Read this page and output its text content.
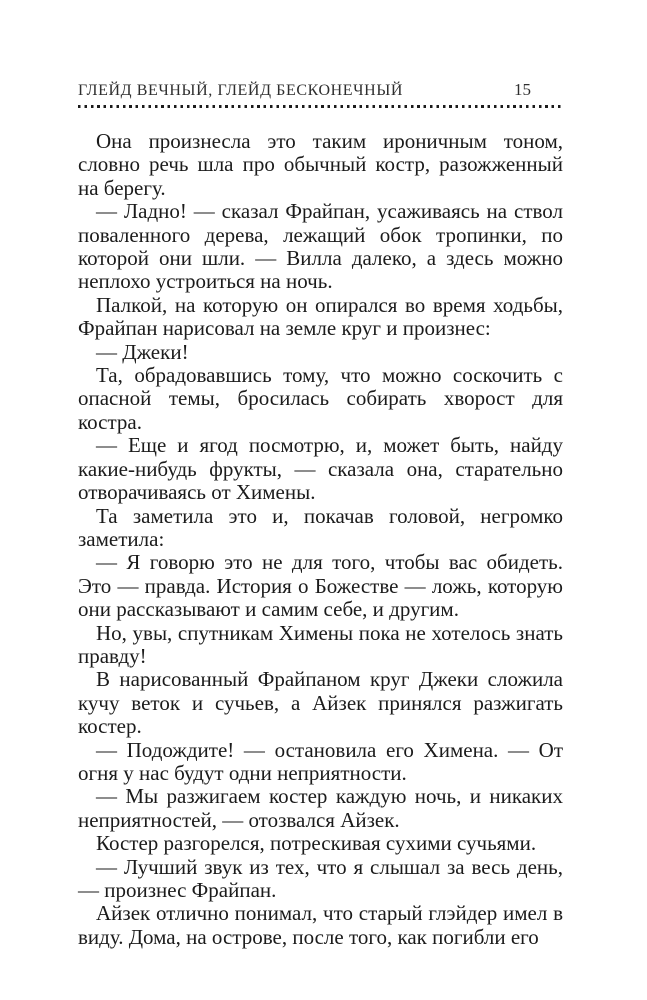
ГЛЕЙД ВЕЧНЫЙ, ГЛЕЙД БЕСКОНЕЧНЫЙ	15

Она произнесла это таким ироничным тоном, словно речь шла про обычный костр, разожженный на берегу.

— Ладно! — сказал Фрайпан, усаживаясь на ствол поваленного дерева, лежащий обок тропинки, по которой они шли. — Вилла далеко, а здесь можно неплохо устроиться на ночь.

Палкой, на которую он опирался во время ходьбы, Фрайпан нарисовал на земле круг и произнес:

— Джеки!

Та, обрадовавшись тому, что можно соскочить с опасной темы, бросилась собирать хворост для костра.

— Еще и ягод посмотрю, и, может быть, найду какие-нибудь фрукты, — сказала она, старательно отворачиваясь от Химены.

Та заметила это и, покачав головой, негромко заметила:

— Я говорю это не для того, чтобы вас обидеть. Это — правда. История о Божестве — ложь, которую они рассказывают и самим себе, и другим.

Но, увы, спутникам Химены пока не хотелось знать правду!

В нарисованный Фрайпаном круг Джеки сложила кучу веток и сучьев, а Айзек принялся разжигать костер.

— Подождите! — остановила его Химена. — От огня у нас будут одни неприятности.

— Мы разжигаем костер каждую ночь, и никаких неприятностей, — отозвался Айзек.

Костер разгорелся, потрескивая сухими сучьями.

— Лучший звук из тех, что я слышал за весь день, — произнес Фрайпан.

Айзек отлично понимал, что старый глэйдер имел в виду. Дома, на острове, после того, как погибли его
